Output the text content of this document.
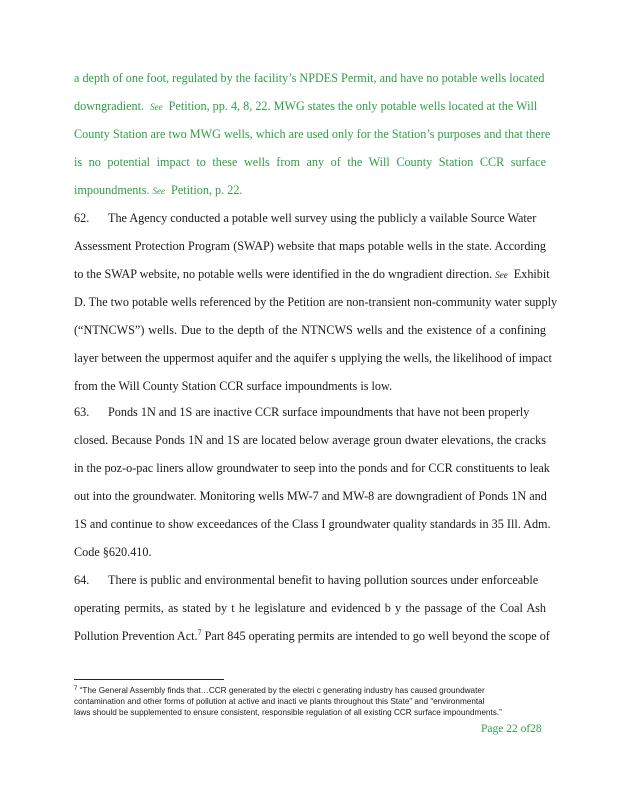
a depth of one foot, regulated by the facility’s NPDES Permit, and have no potable wells located
downgradient. See Petition, pp. 4, 8, 22. MWG states the only potable wells located at the Will
County Station are two MWG wells, which are used only for the Station’s purposes and that there
is no potential impact to these wells from any of the Will County Station CCR surface
impoundments. See Petition, p. 22.
62. The Agency conducted a potable well survey using the publicly a vailable Source Water
Assessment Protection Program (SWAP) website that maps potable wells in the state. According
to the SWAP website, no potable wells were identified in the do wngradient direction. See Exhibit
D. The two potable wells referenced by the Petition are non-transient non-community water supply
(“NTNCWS”) wells. Due to the depth of the NTNCWS wells and the existence of a confining
layer between the uppermost aquifer and the aquifer s upplying the wells, the likelihood of impact
from the Will County Station CCR surface impoundments is low.
63. Ponds 1N and 1S are inactive CCR surface impoundments that have not been properly
closed. Because Ponds 1N and 1S are located below average groun dwater elevations, the cracks
in the poz-o-pac liners allow groundwater to seep into the ponds and for CCR constituents to leak
out into the groundwater. Monitoring wells MW-7 and MW-8 are downgradient of Ponds 1N and
1S and continue to show exceedances of the Class I groundwater quality standards in 35 Ill. Adm.
Code §620.410.
64. There is public and environmental benefit to having pollution sources under enforceable
operating permits, as stated by t he legislature and evidenced b y the passage of the Coal Ash
Pollution Prevention Act.$^7$ Part 845 operating permits are intended to go well beyond the scope of
$^7$ “The General Assembly finds that…CCR generated by the electri c generating industry has caused groundwater
contamination and other forms of pollution at active and inacti ve plants throughout this State” and “environmental
laws should be supplemented to ensure consistent, responsible regulation of all existing CCR surface impoundments.”
Page 22 of28
